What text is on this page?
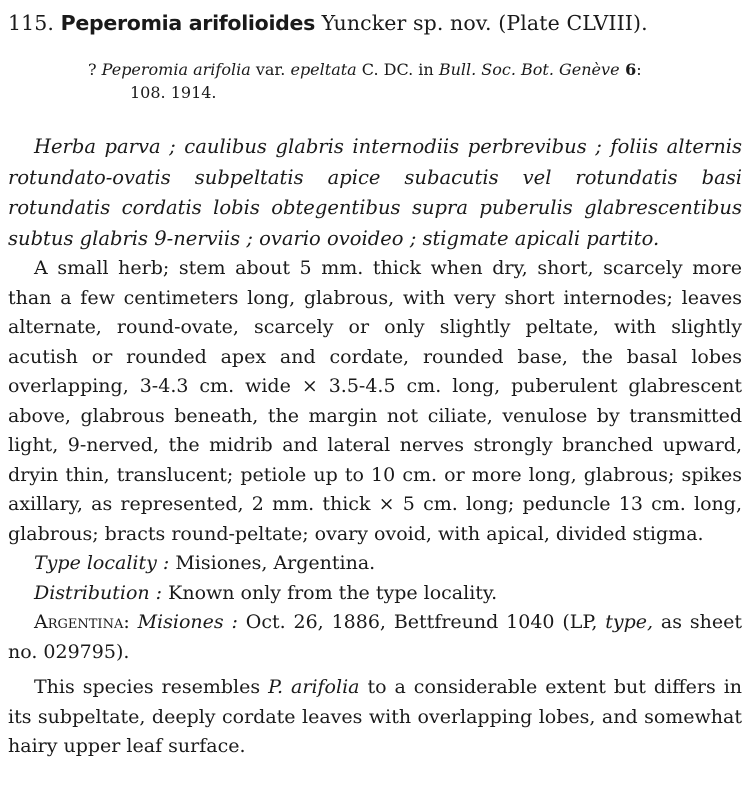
115. Peperomia arifolioides Yuncker sp. nov. (Plate CLVIII).
? Peperomia arifolia var. epeltata C. DC. in Bull. Soc. Bot. Genève 6:
108. 1914.
Herba parva ; caulibus glabris internodiis perbrevibus ; foliis alternis rotundato-ovatis subpeltatis apice subacutis vel rotundatis basi rotundatis cordatis lobis obtegentibus supra puberulis glabrescentibus subtus glabris 9-nerviis ; ovario ovoideo ; stigmate apicali partito.
A small herb; stem about 5 mm. thick when dry, short, scarcely more than a few centimeters long, glabrous, with very short internodes; leaves alternate, round-ovate, scarcely or only slightly peltate, with slightly acutish or rounded apex and cordate, rounded base, the basal lobes overlapping, 3-4.3 cm. wide × 3.5-4.5 cm. long, puberulent glabrescent above, glabrous beneath, the margin not ciliate, venulose by transmitted light, 9-nerved, the midrib and lateral nerves strongly branched upward, dryin thin, translucent; petiole up to 10 cm. or more long, glabrous; spikes axillary, as represented, 2 mm. thick × 5 cm. long; peduncle 13 cm. long, glabrous; bracts round-peltate; ovary ovoid, with apical, divided stigma.
Type locality : Misiones, Argentina.
Distribution : Known only from the type locality.
Argentina: Misiones : Oct. 26, 1886, Bettfreund 1040 (LP, type, as sheet no. 029795).
This species resembles P. arifolia to a considerable extent but differs in its subpeltate, deeply cordate leaves with overlapping lobes, and somewhat hairy upper leaf surface.
